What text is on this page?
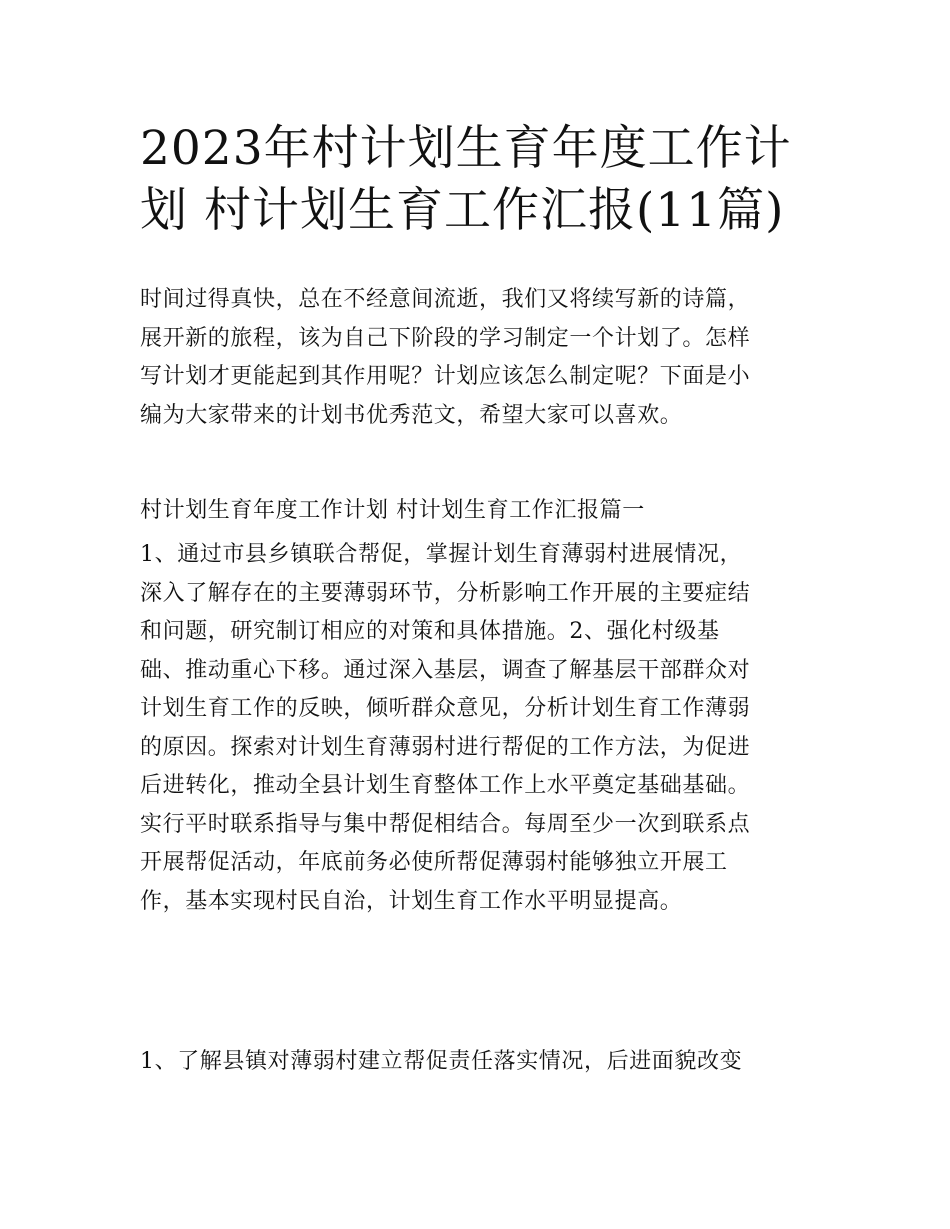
2023年村计划生育年度工作计
划 村计划生育工作汇报(11篇)
时间过得真快，总在不经意间流逝，我们又将续写新的诗篇，
展开新的旅程，该为自己下阶段的学习制定一个计划了。怎样
写计划才更能起到其作用呢？计划应该怎么制定呢？下面是小
编为大家带来的计划书优秀范文，希望大家可以喜欢。
村计划生育年度工作计划 村计划生育工作汇报篇一
1、通过市县乡镇联合帮促，掌握计划生育薄弱村进展情况，
深入了解存在的主要薄弱环节，分析影响工作开展的主要症结
和问题，研究制订相应的对策和具体措施。2、强化村级基
础、推动重心下移。通过深入基层，调查了解基层干部群众对
计划生育工作的反映，倾听群众意见，分析计划生育工作薄弱
的原因。探索对计划生育薄弱村进行帮促的工作方法，为促进
后进转化，推动全县计划生育整体工作上水平奠定基础基础。
实行平时联系指导与集中帮促相结合。每周至少一次到联系点
开展帮促活动，年底前务必使所帮促薄弱村能够独立开展工
作，基本实现村民自治，计划生育工作水平明显提高。
1、了解县镇对薄弱村建立帮促责任落实情况，后进面貌改变
